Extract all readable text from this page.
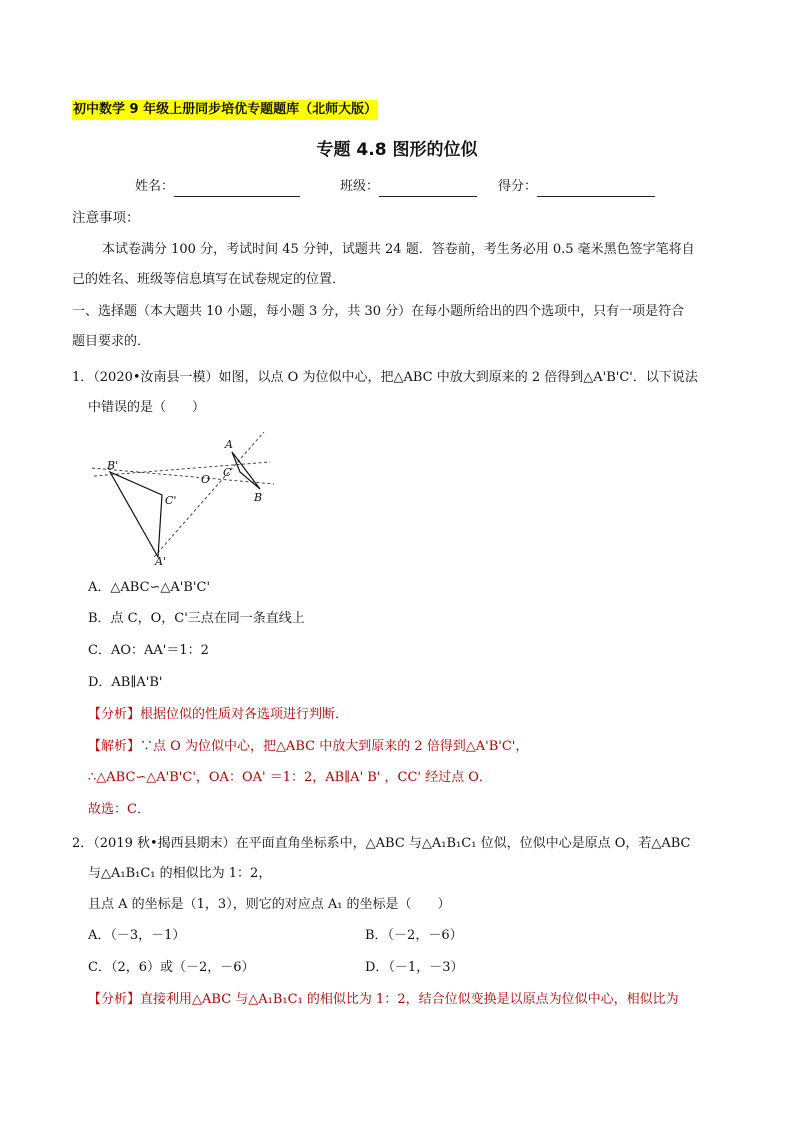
初中数学 9 年级上册同步培优专题题库（北师大版）
专题 4.8 图形的位似
姓名：	班级：	得分：
注意事项：
本试卷满分 100 分，考试时间 45 分钟，试题共 24 题．答卷前，考生务必用 0.5 毫米黑色签字笔将自
己的姓名、班级等信息填写在试卷规定的位置．
一、选择题（本大题共 10 小题，每小题 3 分，共 30 分）在每小题所给出的四个选项中，只有一项是符合
题目要求的．
1．（2020•汝南县一模）如图，以点 O 为位似中心，把△ABC 中放大到原来的 2 倍得到△A'B'C'．以下说法
中错误的是（　　）
A
B
C
O
B'
C'
A'
A．△ABC∽△A'B'C'
B．点 C，O，C'三点在同一条直线上
C．AO：AA'＝1：2
D．AB∥A'B'
【分析】根据位似的性质对各选项进行判断．
【解析】∵点 O 为位似中心，把△ABC 中放大到原来的 2 倍得到△A'B'C'，
∴△ABC∽△A'B'C'，OA：OA' ＝1：2，AB∥A' B' ，CC' 经过点 O．
故选：C．
2．（2019 秋•揭西县期末）在平面直角坐标系中，△ABC 与△A₁B₁C₁ 位似，位似中心是原点 O，若△ABC
与△A₁B₁C₁ 的相似比为 1：2，
且点 A 的坐标是（1，3），则它的对应点 A₁ 的坐标是（　　）
A．（－3，－1）	B．（－2，－6）
C．（2，6）或（－2，－6）	D．（－1，－3）
【分析】直接利用△ABC 与△A₁B₁C₁ 的相似比为 1：2，结合位似变换是以原点为位似中心，相似比为
